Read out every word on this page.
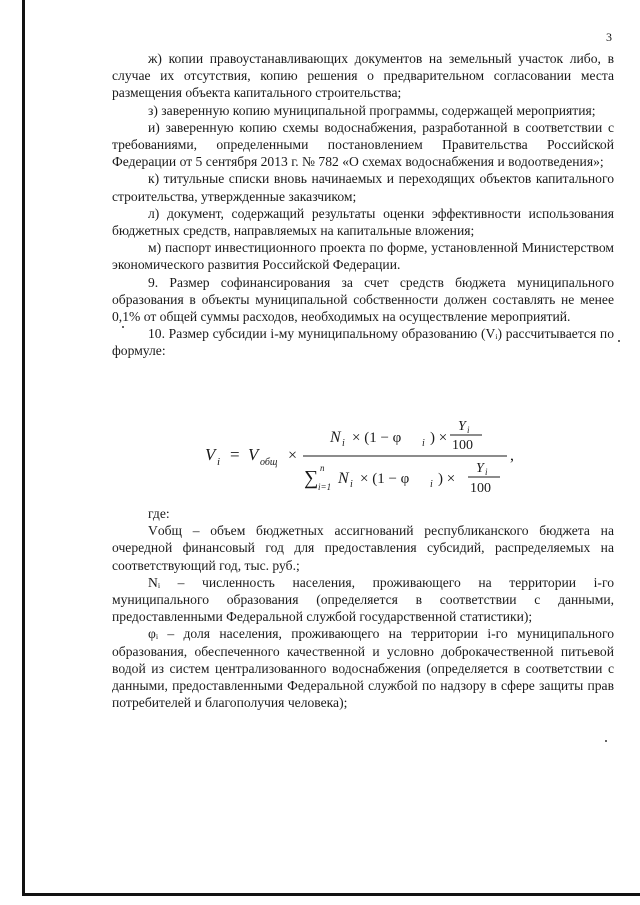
3

ж) копии правоустанавливающих документов на земельный участок либо, в случае их отсутствия, копию решения о предварительном согласовании места размещения объекта капитального строительства;

з) заверенную копию муниципальной программы, содержащей мероприятия;

и) заверенную копию схемы водоснабжения, разработанной в соответствии с требованиями, определенными постановлением Правительства Российской Федерации от 5 сентября 2013 г. № 782 «О схемах водоснабжения и водоотведения»;

к) титульные списки вновь начинаемых и переходящих объектов капитального строительства, утвержденные заказчиком;

л) документ, содержащий результаты оценки эффективности использования бюджетных средств, направляемых на капитальные вложения;

м) паспорт инвестиционного проекта по форме, установленной Министерством экономического развития Российской Федерации.

9. Размер софинансирования за счет средств бюджета муниципального образования в объекты муниципальной собственности должен составлять не менее 0,1% от общей суммы расходов, необходимых на осуществление мероприятий.

10. Размер субсидии i-му муниципальному образованию (Vᵢ) рассчитывается по формуле:

V i = V общ ×
N i × (1 − φ i ) ×
Y i
100
,
∑ n
i=1 N i × (1 − φ i ) ×
Y i
100

где:

Vобщ – объем бюджетных ассигнований республиканского бюджета на очередной финансовый год для предоставления субсидий, распределяемых на соответствующий год, тыс. руб.;

Nᵢ – численность населения, проживающего на территории i-го муниципального образования (определяется в соответствии с данными, предоставленными Федеральной службой государственной статистики);

φᵢ – доля населения, проживающего на территории i-го муниципального образования, обеспеченного качественной и условно доброкачественной питьевой водой из систем централизованного водоснабжения (определяется в соответствии с данными, предоставленными Федеральной службой по надзору в сфере защиты прав потребителей и благополучия человека);
